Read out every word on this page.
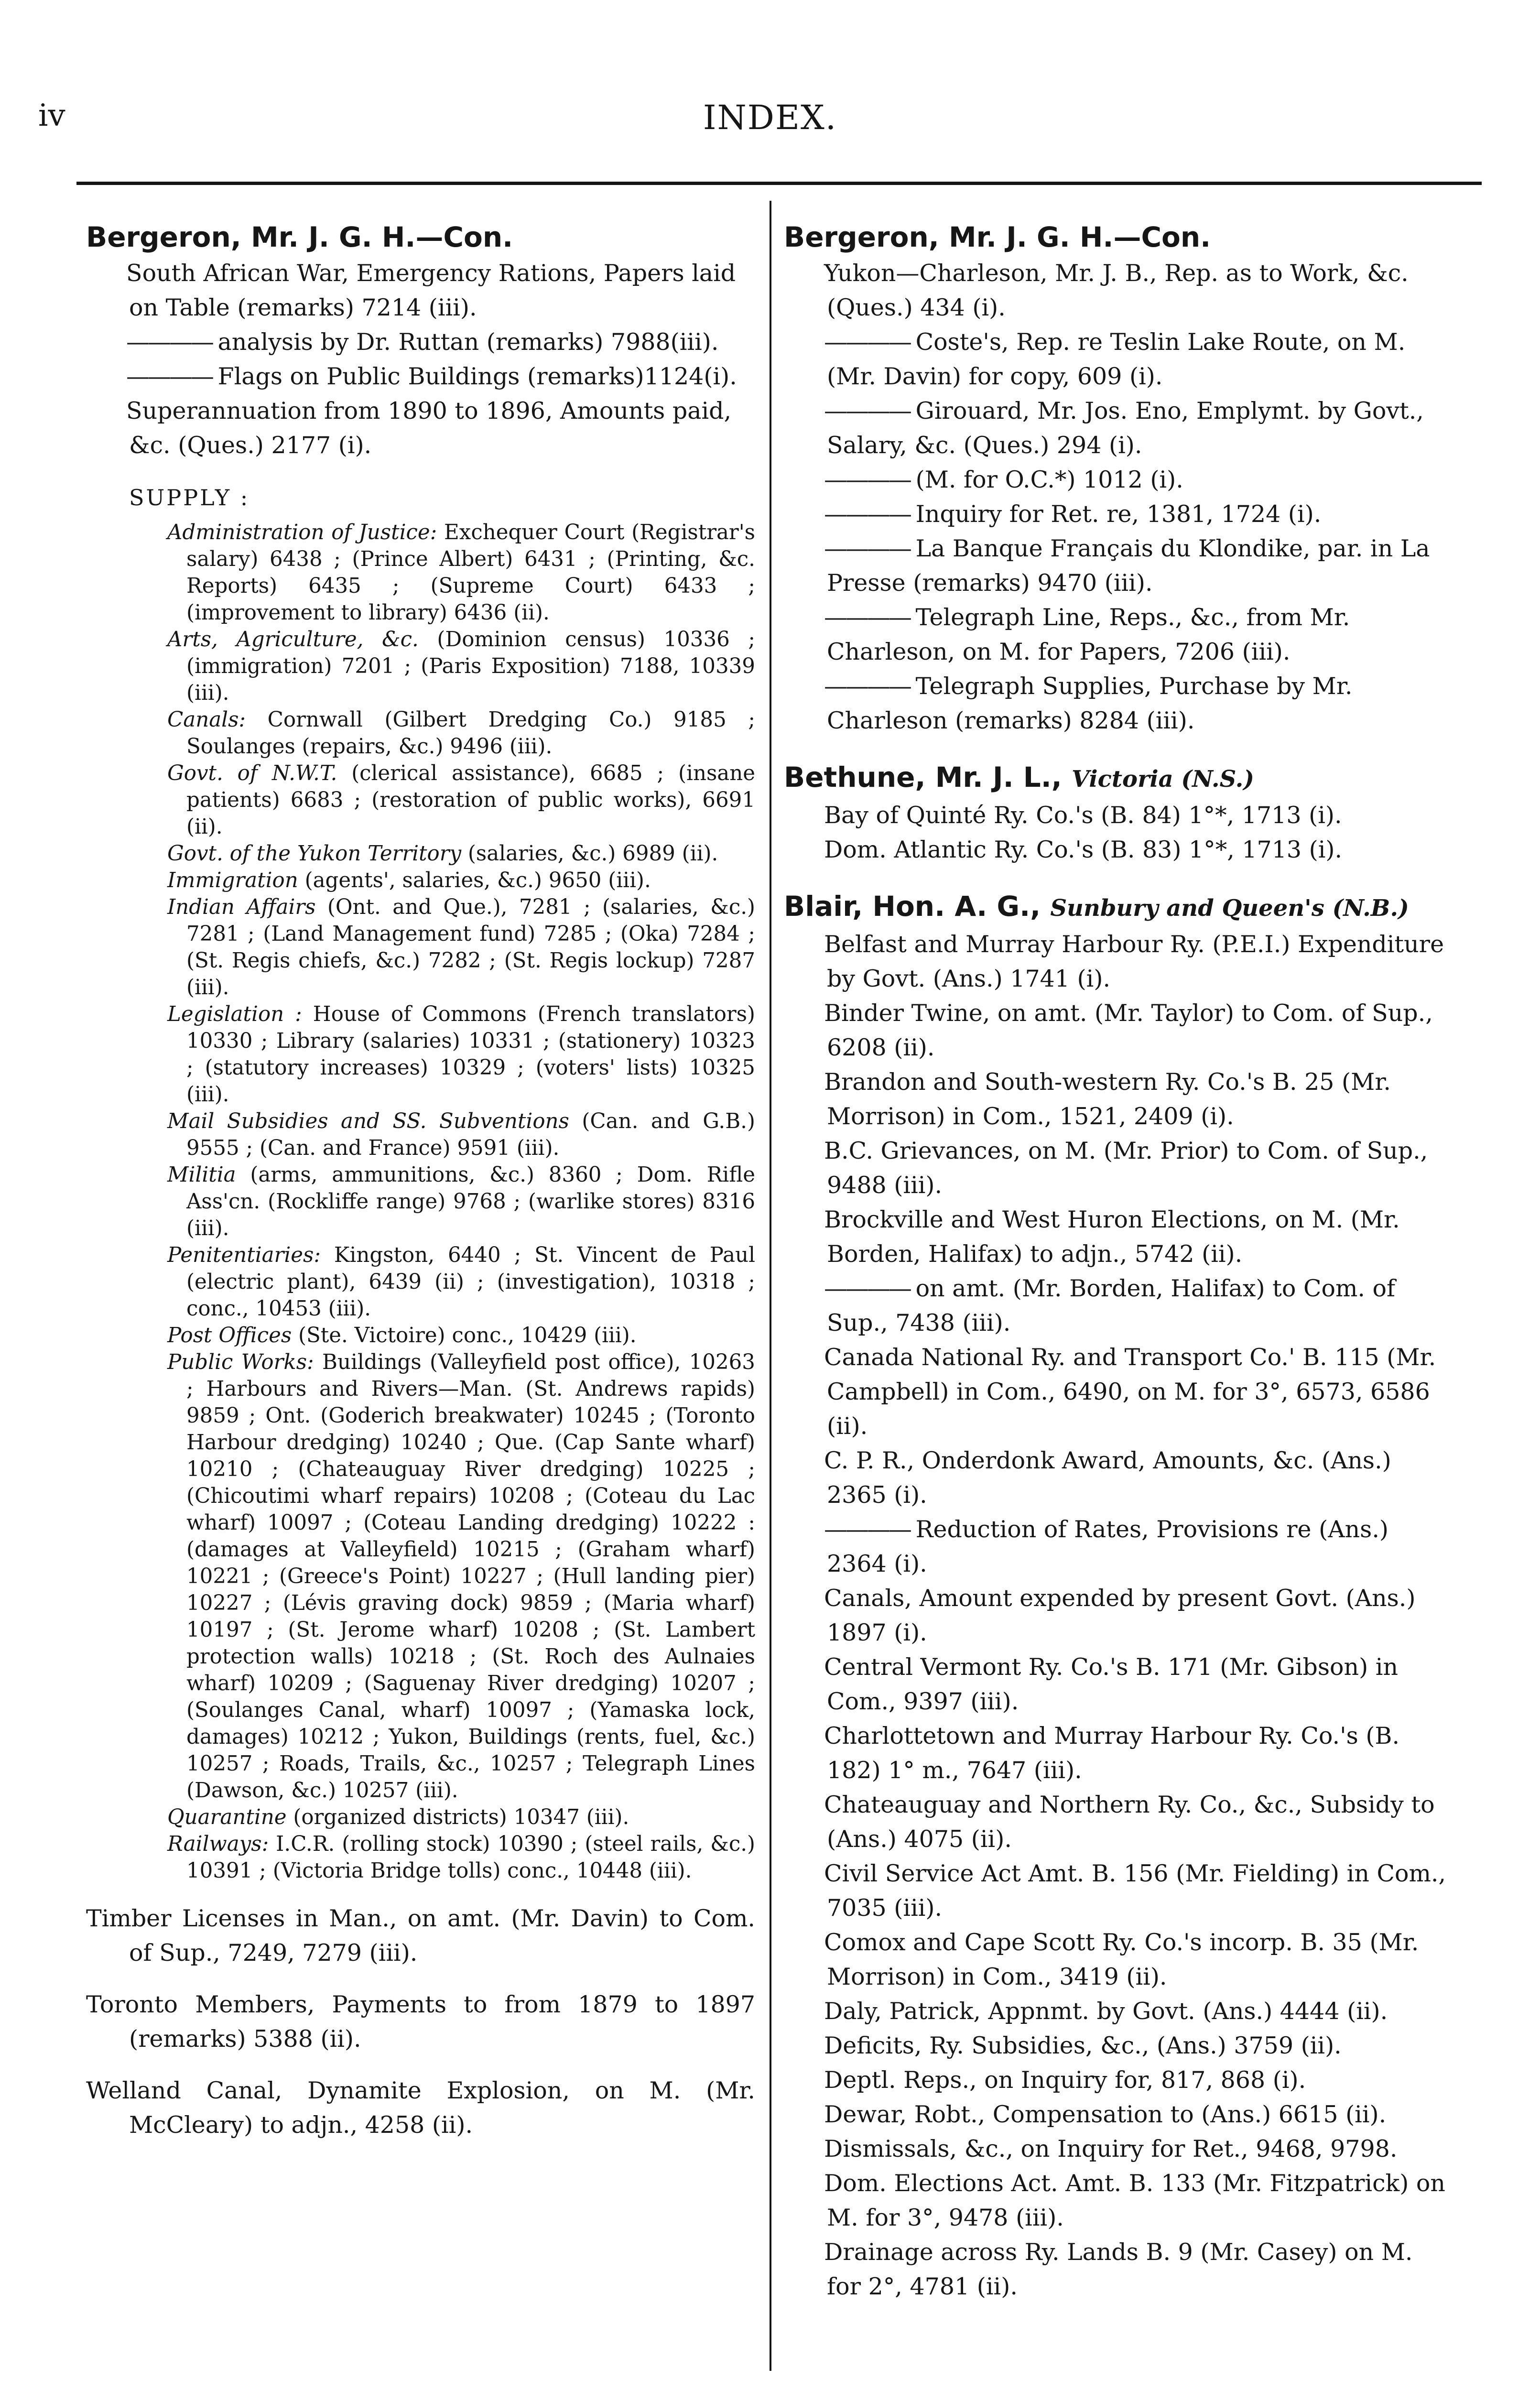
iv	INDEX.
Bergeron, Mr. J. G. H.—Con.
South African War, Emergency Rations, Papers laid on Table (remarks) 7214 (iii).
———— analysis by Dr. Ruttan (remarks) 7988(iii).
———— Flags on Public Buildings (remarks)1124(i).
Superannuation from 1890 to 1896, Amounts paid, &c. (Ques.) 2177 (i).
SUPPLY :
Administration of Justice: Exchequer Court (Registrar's salary) 6438 ; (Prince Albert) 6431 ; (Printing, &c. Reports) 6435 ; (Supreme Court) 6433 ; (improvement to library) 6436 (ii).
Arts, Agriculture, &c. (Dominion census) 10336 ; (immigration) 7201 ; (Paris Exposition) 7188, 10339 (iii).
Canals: Cornwall (Gilbert Dredging Co.) 9185 ; Soulanges (repairs, &c.) 9496 (iii).
Govt. of N.W.T. (clerical assistance), 6685 ; (insane patients) 6683 ; (restoration of public works), 6691 (ii).
Govt. of the Yukon Territory (salaries, &c.) 6989 (ii).
Immigration (agents', salaries, &c.) 9650 (iii).
Indian Affairs (Ont. and Que.), 7281 ; (salaries, &c.) 7281 ; (Land Management fund) 7285 ; (Oka) 7284 ; (St. Regis chiefs, &c.) 7282 ; (St. Regis lockup) 7287 (iii).
Legislation : House of Commons (French translators) 10330 ; Library (salaries) 10331 ; (stationery) 10323 ; (statutory increases) 10329 ; (voters' lists) 10325 (iii).
Mail Subsidies and SS. Subventions (Can. and G.B.) 9555 ; (Can. and France) 9591 (iii).
Militia (arms, ammunitions, &c.) 8360 ; Dom. Rifle Ass'cn. (Rockliffe range) 9768 ; (warlike stores) 8316 (iii).
Penitentiaries: Kingston, 6440 ; St. Vincent de Paul (electric plant), 6439 (ii) ; (investigation), 10318 ; conc., 10453 (iii).
Post Offices (Ste. Victoire) conc., 10429 (iii).
Public Works: Buildings (Valleyfield post office), 10263 ; Harbours and Rivers—Man. (St. Andrews rapids) 9859 ; Ont. (Goderich breakwater) 10245 ; (Toronto Harbour dredging) 10240 ; Que. (Cap Sante wharf) 10210 ; (Chateauguay River dredging) 10225 ; (Chicoutimi wharf repairs) 10208 ; (Coteau du Lac wharf) 10097 ; (Coteau Landing dredging) 10222 : (damages at Valleyfield) 10215 ; (Graham wharf) 10221 ; (Greece's Point) 10227 ; (Hull landing pier) 10227 ; (Lévis graving dock) 9859 ; (Maria wharf) 10197 ; (St. Jerome wharf) 10208 ; (St. Lambert protection walls) 10218 ; (St. Roch des Aulnaies wharf) 10209 ; (Saguenay River dredging) 10207 ; (Soulanges Canal, wharf) 10097 ; (Yamaska lock, damages) 10212 ; Yukon, Buildings (rents, fuel, &c.) 10257 ; Roads, Trails, &c., 10257 ; Telegraph Lines (Dawson, &c.) 10257 (iii).
Quarantine (organized districts) 10347 (iii).
Railways: I.C.R. (rolling stock) 10390 ; (steel rails, &c.) 10391 ; (Victoria Bridge tolls) conc., 10448 (iii).
Timber Licenses in Man., on amt. (Mr. Davin) to Com. of Sup., 7249, 7279 (iii).
Toronto Members, Payments to from 1879 to 1897 (remarks) 5388 (ii).
Welland Canal, Dynamite Explosion, on M. (Mr. McCleary) to adjn., 4258 (ii).
Bergeron, Mr. J. G. H.—Con.
Yukon—Charleson, Mr. J. B., Rep. as to Work, &c. (Ques.) 434 (i).
———— Coste's, Rep. re Teslin Lake Route, on M. (Mr. Davin) for copy, 609 (i).
———— Girouard, Mr. Jos. Eno, Emplymt. by Govt., Salary, &c. (Ques.) 294 (i).
———— (M. for O.C.*) 1012 (i).
———— Inquiry for Ret. re, 1381, 1724 (i).
———— La Banque Français du Klondike, par. in La Presse (remarks) 9470 (iii).
———— Telegraph Line, Reps., &c., from Mr. Charleson, on M. for Papers, 7206 (iii).
———— Telegraph Supplies, Purchase by Mr. Charleson (remarks) 8284 (iii).
Bethune, Mr. J. L., Victoria (N.S.)
Bay of Quinté Ry. Co.'s (B. 84) 1°*, 1713 (i).
Dom. Atlantic Ry. Co.'s (B. 83) 1°*, 1713 (i).
Blair, Hon. A. G., Sunbury and Queen's (N.B.)
Belfast and Murray Harbour Ry. (P.E.I.) Expenditure by Govt. (Ans.) 1741 (i).
Binder Twine, on amt. (Mr. Taylor) to Com. of Sup., 6208 (ii).
Brandon and South-western Ry. Co.'s B. 25 (Mr. Morrison) in Com., 1521, 2409 (i).
B.C. Grievances, on M. (Mr. Prior) to Com. of Sup., 9488 (iii).
Brockville and West Huron Elections, on M. (Mr. Borden, Halifax) to adjn., 5742 (ii).
———— on amt. (Mr. Borden, Halifax) to Com. of Sup., 7438 (iii).
Canada National Ry. and Transport Co.' B. 115 (Mr. Campbell) in Com., 6490, on M. for 3°, 6573, 6586 (ii).
C. P. R., Onderdonk Award, Amounts, &c. (Ans.) 2365 (i).
———— Reduction of Rates, Provisions re (Ans.) 2364 (i).
Canals, Amount expended by present Govt. (Ans.) 1897 (i).
Central Vermont Ry. Co.'s B. 171 (Mr. Gibson) in Com., 9397 (iii).
Charlottetown and Murray Harbour Ry. Co.'s (B. 182) 1° m., 7647 (iii).
Chateauguay and Northern Ry. Co., &c., Subsidy to (Ans.) 4075 (ii).
Civil Service Act Amt. B. 156 (Mr. Fielding) in Com., 7035 (iii).
Comox and Cape Scott Ry. Co.'s incorp. B. 35 (Mr. Morrison) in Com., 3419 (ii).
Daly, Patrick, Appnmt. by Govt. (Ans.) 4444 (ii).
Deficits, Ry. Subsidies, &c., (Ans.) 3759 (ii).
Deptl. Reps., on Inquiry for, 817, 868 (i).
Dewar, Robt., Compensation to (Ans.) 6615 (ii).
Dismissals, &c., on Inquiry for Ret., 9468, 9798.
Dom. Elections Act. Amt. B. 133 (Mr. Fitzpatrick) on M. for 3°, 9478 (iii).
Drainage across Ry. Lands B. 9 (Mr. Casey) on M. for 2°, 4781 (ii).
